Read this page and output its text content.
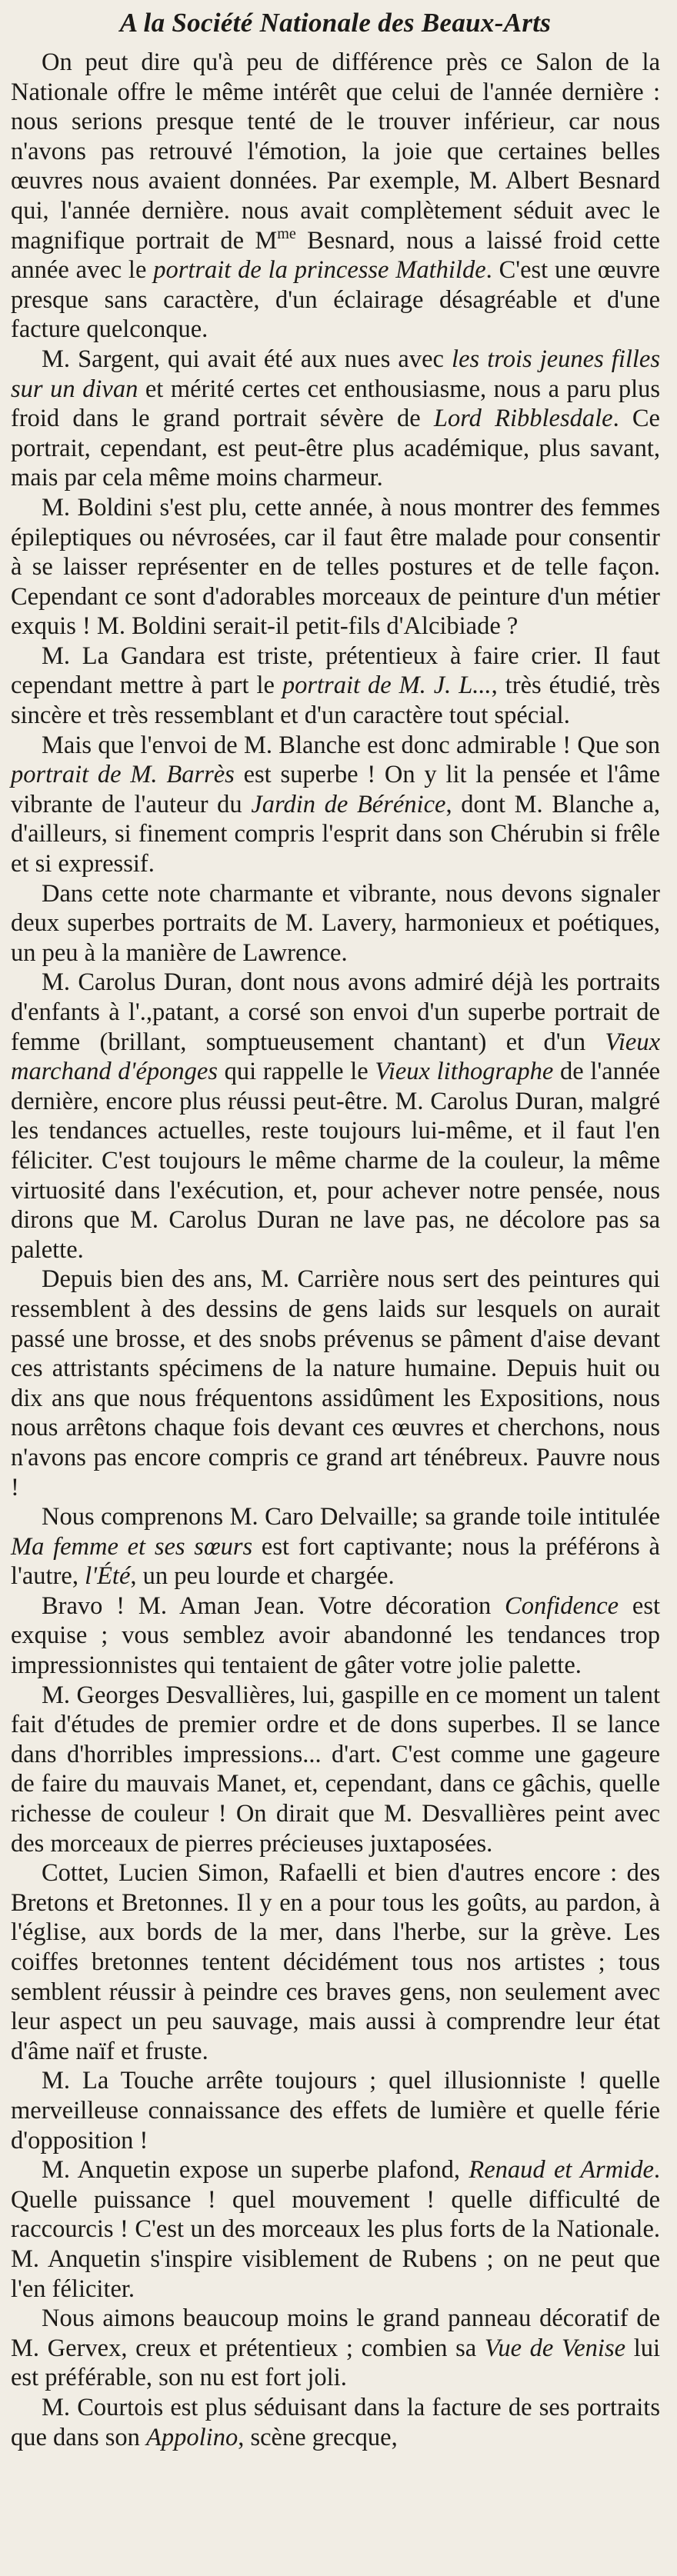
A la Société Nationale des Beaux-Arts

On peut dire qu'à peu de différence près ce Salon de la Nationale offre le même intérêt que celui de l'année dernière : nous serions presque tenté de le trouver inférieur, car nous n'avons pas retrouvé l'émotion, la joie que certaines belles œuvres nous avaient données. Par exemple, M. Albert Besnard qui, l'année dernière. nous avait complètement séduit avec le magnifique portrait de $M^{me}$ Besnard, nous a laissé froid cette année avec le portrait de la princesse Mathilde. C'est une œuvre presque sans caractère, d'un éclairage désagréable et d'une facture quelconque.

M. Sargent, qui avait été aux nues avec les trois jeunes filles sur un divan et mérité certes cet enthousiasme, nous a paru plus froid dans le grand portrait sévère de Lord Ribblesdale. Ce portrait, cependant, est peut-être plus académique, plus savant, mais par cela même moins charmeur.

M. Boldini s'est plu, cette année, à nous montrer des femmes épileptiques ou névrosées, car il faut être malade pour consentir à se laisser représenter en de telles postures et de telle façon. Cependant ce sont d'adorables morceaux de peinture d'un métier exquis ! M. Boldini serait-il petit-fils d'Alcibiade ?

M. La Gandara est triste, prétentieux à faire crier. Il faut cependant mettre à part le portrait de M. J. L..., très étudié, très sincère et très ressemblant et d'un caractère tout spécial.

Mais que l'envoi de M. Blanche est donc admirable ! Que son portrait de M. Barrès est superbe ! On y lit la pensée et l'âme vibrante de l'auteur du Jardin de Bérénice, dont M. Blanche a, d'ailleurs, si finement compris l'esprit dans son Chérubin si frêle et si expressif.

Dans cette note charmante et vibrante, nous devons signaler deux superbes portraits de M. Lavery, harmonieux et poétiques, un peu à la manière de Lawrence.

M. Carolus Duran, dont nous avons admiré déjà les portraits d'enfants à l'.,patant, a corsé son envoi d'un superbe portrait de femme (brillant, somptueusement chantant) et d'un Vieux marchand d'éponges qui rappelle le Vieux lithographe de l'année dernière, encore plus réussi peut-être. M. Carolus Duran, malgré les tendances actuelles, reste toujours lui-même, et il faut l'en féliciter. C'est toujours le même charme de la couleur, la même virtuosité dans l'exécution, et, pour achever notre pensée, nous dirons que M. Carolus Duran ne lave pas, ne décolore pas sa palette.

Depuis bien des ans, M. Carrière nous sert des peintures qui ressemblent à des dessins de gens laids sur lesquels on aurait passé une brosse, et des snobs prévenus se pâment d'aise devant ces attristants spécimens de la nature humaine. Depuis huit ou dix ans que nous fréquentons assidûment les Expositions, nous nous arrêtons chaque fois devant ces œuvres et cherchons, nous n'avons pas encore compris ce grand art ténébreux. Pauvre nous !

Nous comprenons M. Caro Delvaille; sa grande toile intitulée Ma femme et ses sœurs est fort captivante; nous la préférons à l'autre, l'Été, un peu lourde et chargée.

Bravo ! M. Aman Jean. Votre décoration Confidence est exquise ; vous semblez avoir abandonné les tendances trop impressionnistes qui tentaient de gâter votre jolie palette.

M. Georges Desvallières, lui, gaspille en ce moment un talent fait d'études de premier ordre et de dons superbes. Il se lance dans d'horribles impressions... d'art. C'est comme une gageure de faire du mauvais Manet, et, cependant, dans ce gâchis, quelle richesse de couleur ! On dirait que M. Desvallières peint avec des morceaux de pierres précieuses juxtaposées.

Cottet, Lucien Simon, Rafaelli et bien d'autres encore : des Bretons et Bretonnes. Il y en a pour tous les goûts, au pardon, à l'église, aux bords de la mer, dans l'herbe, sur la grève. Les coiffes bretonnes tentent décidément tous nos artistes ; tous semblent réussir à peindre ces braves gens, non seulement avec leur aspect un peu sauvage, mais aussi à comprendre leur état d'âme naïf et fruste.

M. La Touche arrête toujours ; quel illusionniste ! quelle merveilleuse connaissance des effets de lumière et quelle férie d'opposition !

M. Anquetin expose un superbe plafond, Renaud et Armide. Quelle puissance ! quel mouvement ! quelle difficulté de raccourcis ! C'est un des morceaux les plus forts de la Nationale. M. Anquetin s'inspire visiblement de Rubens ; on ne peut que l'en féliciter.

Nous aimons beaucoup moins le grand panneau décoratif de M. Gervex, creux et prétentieux ; combien sa Vue de Venise lui est préférable, son nu est fort joli.

M. Courtois est plus séduisant dans la facture de ses portraits que dans son Appolino, scène grecque,
